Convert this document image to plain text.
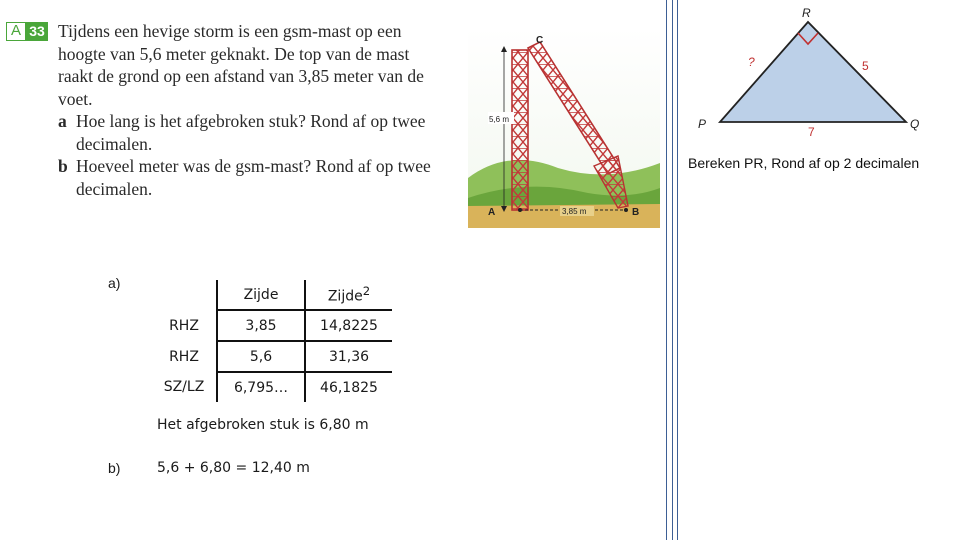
A 33 Tijdens een hevige storm is een gsm-mast op een
hoogte van 5,6 meter geknakt. De top van de mast
raakt de grond op een afstand van 3,85 meter van de
voet.
a Hoe lang is het afgebroken stuk? Rond af op twee
decimalen.
b Hoeveel meter was de gsm-mast? Rond af op twee
decimalen.
C
A	B
5,6 m
3,85 m
R
P	Q
?	5
7
Bereken PR, Rond af op 2 decimalen
a)
	Zijde	Zijde$^2$
RHZ	3,85	14,8225
RHZ	5,6	31,36
SZ/LZ	6,795…	46,1825
Het afgebroken stuk is 6,80 m
b)	5,6 + 6,80 = 12,40 m
